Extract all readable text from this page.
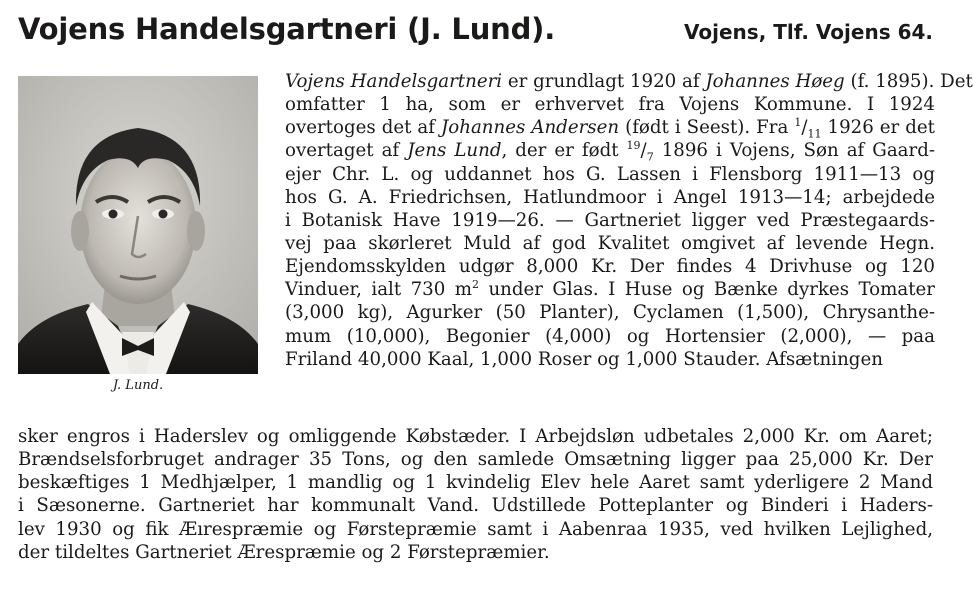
Vojens Handelsgartneri (J. Lund).	Vojens, Tlf. Vojens 64.
J. Lund.
Vojens Handelsgartneri er grundlagt 1920 af Johannes Høeg (f. 1895). Det
omfatter 1 ha, som er erhvervet fra Vojens Kommune. I 1924
overtoges det af Johannes Andersen (født i Seest). Fra $^1/_{11}$ 1926 er det
overtaget af Jens Lund, der er født $^{19}/_7$ 1896 i Vojens, Søn af Gaard-
ejer Chr. L. og uddannet hos G. Lassen i Flensborg 1911—13 og
hos G. A. Friedrichsen, Hatlundmoor i Angel 1913—14; arbejdede
i Botanisk Have 1919—26. — Gartneriet ligger ved Præstegaards-
vej paa skørleret Muld af god Kvalitet omgivet af levende Hegn.
Ejendomsskylden udgør 8,000 Kr. Der findes 4 Drivhuse og 120
Vinduer, ialt 730 $m^2$ under Glas. I Huse og Bænke dyrkes Tomater
(3,000 kg), Agurker (50 Planter), Cyclamen (1,500), Chrysanthe-
mum (10,000), Begonier (4,000) og Hortensier (2,000), — paa
Friland 40,000 Kaal, 1,000 Roser og 1,000 Stauder. Afsætningen
sker engros i Haderslev og omliggende Købstæder. I Arbejdsløn udbetales 2,000 Kr. om Aaret;
Brændselsforbruget andrager 35 Tons, og den samlede Omsætning ligger paa 25,000 Kr. Der
beskæftiges 1 Medhjælper, 1 mandlig og 1 kvindelig Elev hele Aaret samt yderligere 2 Mand
i Sæsonerne. Gartneriet har kommunalt Vand. Udstillede Potteplanter og Binderi i Haders-
lev 1930 og fik Æırespræmie og Førstepræmie samt i Aabenraa 1935, ved hvilken Lejlighed,
der tildeltes Gartneriet Ærespræmie og 2 Førstepræmier.
